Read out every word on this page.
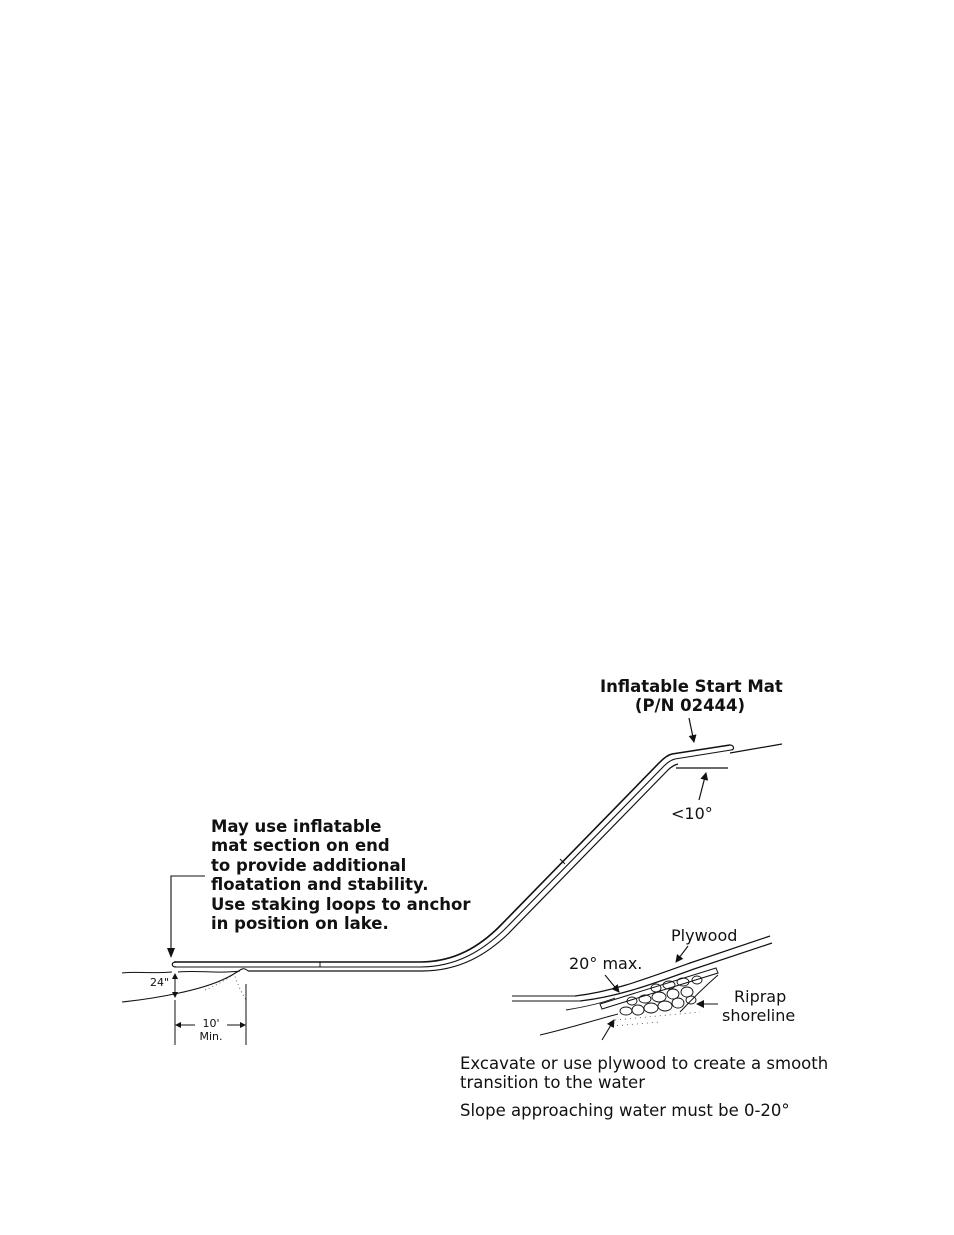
Inflatable Start Mat
(P/N 02444)
<10°
May use inflatable
mat section on end
to provide additional
floatation and stability.
Use staking loops to anchor
in position on lake.
24"
10'
Min.
Plywood
20° max.
Riprap
shoreline
Excavate or use plywood to create a smooth
transition to the water
Slope approaching water must be 0-20°
